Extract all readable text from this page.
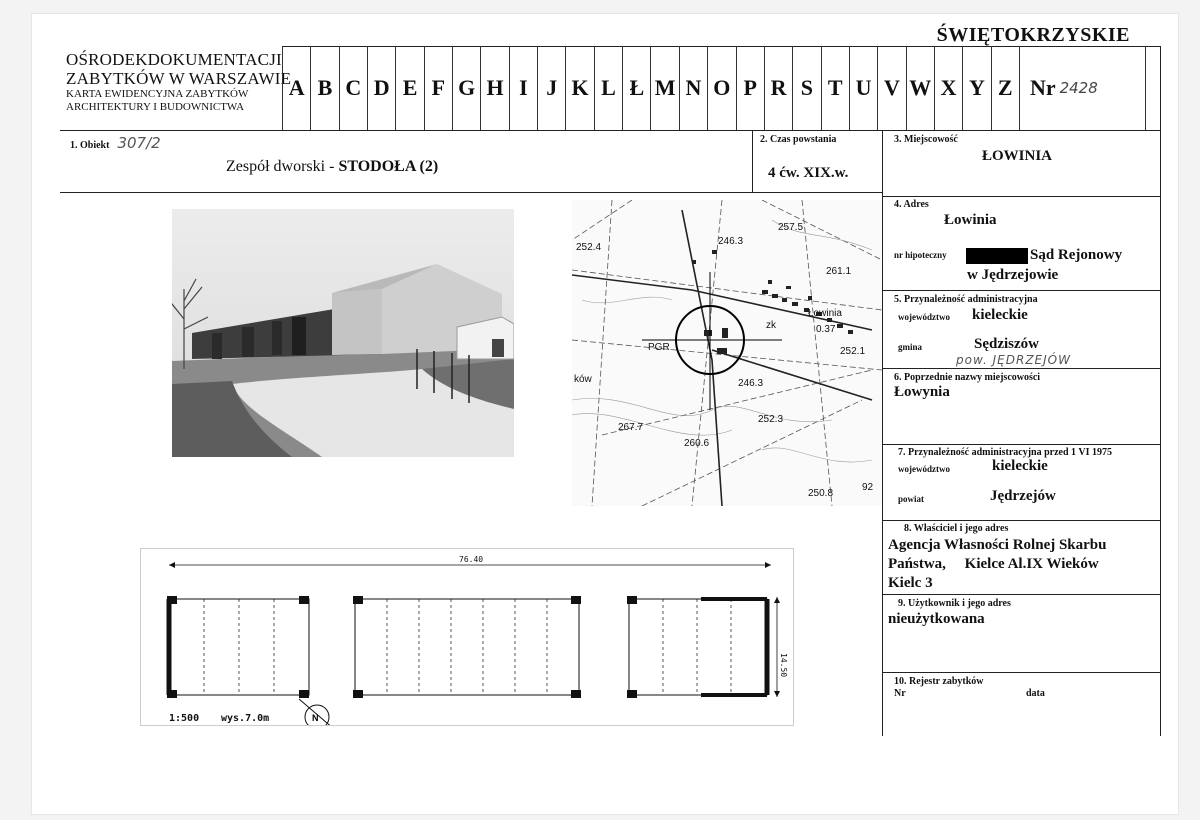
ŚWIĘTOKRZYSKIE
OŚRODEKDOKUMENTACJI
ZABYTKÓW W WARSZAWIE
KARTA EWIDENCYJNA ZABYTKÓW
ARCHITEKTURY I BUDOWNICTWA
A B C D E F G H I J K L Ł M N O P R S T U V W X Y Z Nr 2428
1. Obiekt 307/2
Zespół dworski - STODOŁA (2)
2. Czas powstania
4 ćw. XIX.w.
3. Miejscowość
ŁOWINIA
257.5
252.4
246.3
261.1
Łowinia
0.37
252.1
PGR
ków	246.3
252.3
267.7
260.6
250.8
92
zk
4. Adres
Łowinia
nr hipoteczny	Sąd Rejonowy
w Jędrzejowie
5. Przynależność administracyjna
województwo kieleckie
gmina	Sędziszów
pow. JĘDRZEJÓW
6. Poprzednie nazwy miejscowości
Łowynia
7. Przynależność administracyjna przed 1 VI 1975
województwo	kieleckie
powiat	Jędrzejów
8. Właściciel i jego adres
Agencja Własności Rolnej Skarbu
Państwa,     Kielce Al.IX Wieków
Kielc 3
9. Użytkownik i jego adres
nieużytkowana
10. Rejestr zabytków
Nr	data
76.40
14.50
1:500 wys.7.0m	N
